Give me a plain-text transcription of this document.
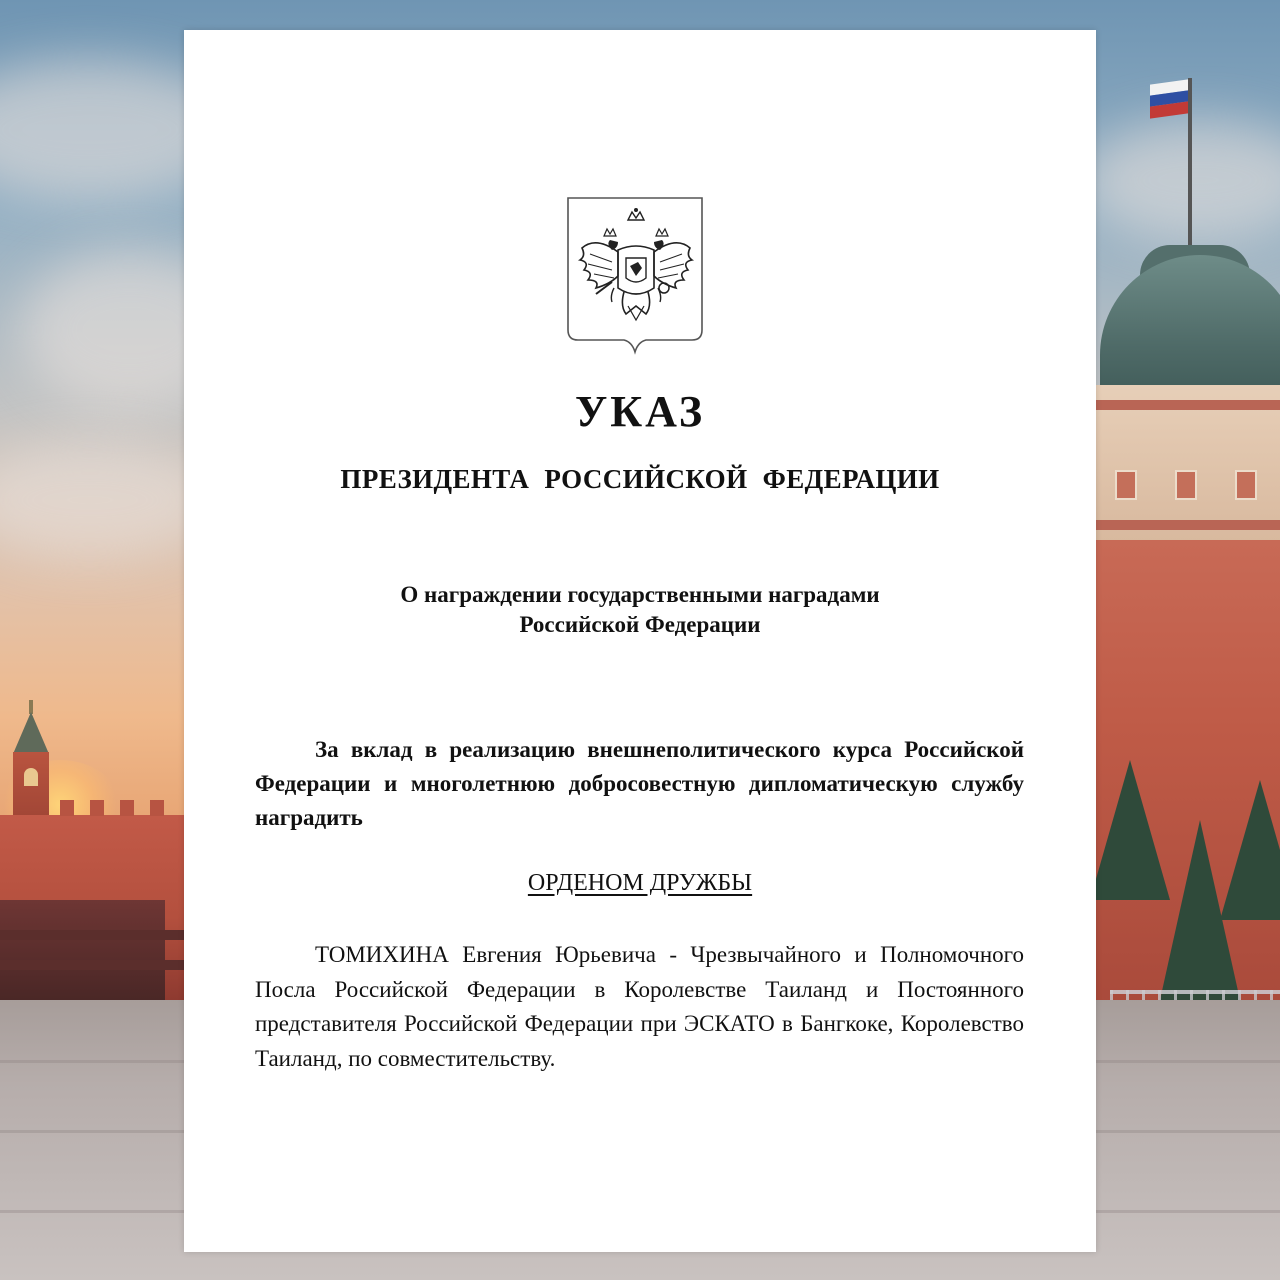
УКАЗ
ПРЕЗИДЕНТА РОССИЙСКОЙ ФЕДЕРАЦИИ
О награждении государственными наградами
Российской Федерации
За вклад в реализацию внешнеполитического курса Российской Федерации и многолетнюю добросовестную дипломатическую службу наградить
ОРДЕНОМ ДРУЖБЫ
ТОМИХИНА Евгения Юрьевича - Чрезвычайного и Полномочного Посла Российской Федерации в Королевстве Таиланд и Постоянного представителя Российской Федерации при ЭСКАТО в Бангкоке, Королевство Таиланд, по совместительству.
